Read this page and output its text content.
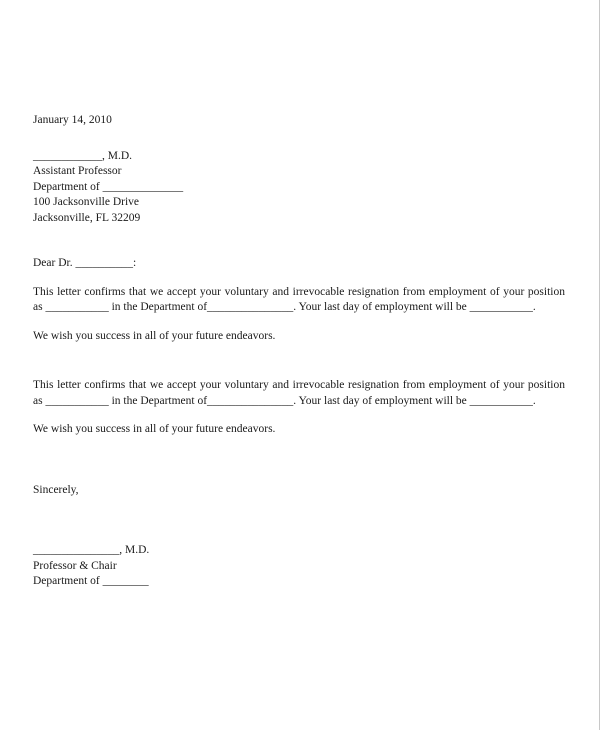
January 14, 2010

____________, M.D.

Assistant Professor

Department of ______________

100 Jacksonville Drive

Jacksonville, FL 32209

Dear Dr. __________:

This letter confirms that we accept your voluntary and irrevocable resignation from employment of your position as ___________ in the Department of_______________. Your last day of employment will be ___________.

We wish you success in all of your future endeavors.

This letter confirms that we accept your voluntary and irrevocable resignation from employment of your position as ___________ in the Department of_______________. Your last day of employment will be ___________.

We wish you success in all of your future endeavors.

Sincerely,

_______________, M.D.

Professor & Chair

Department of ________
